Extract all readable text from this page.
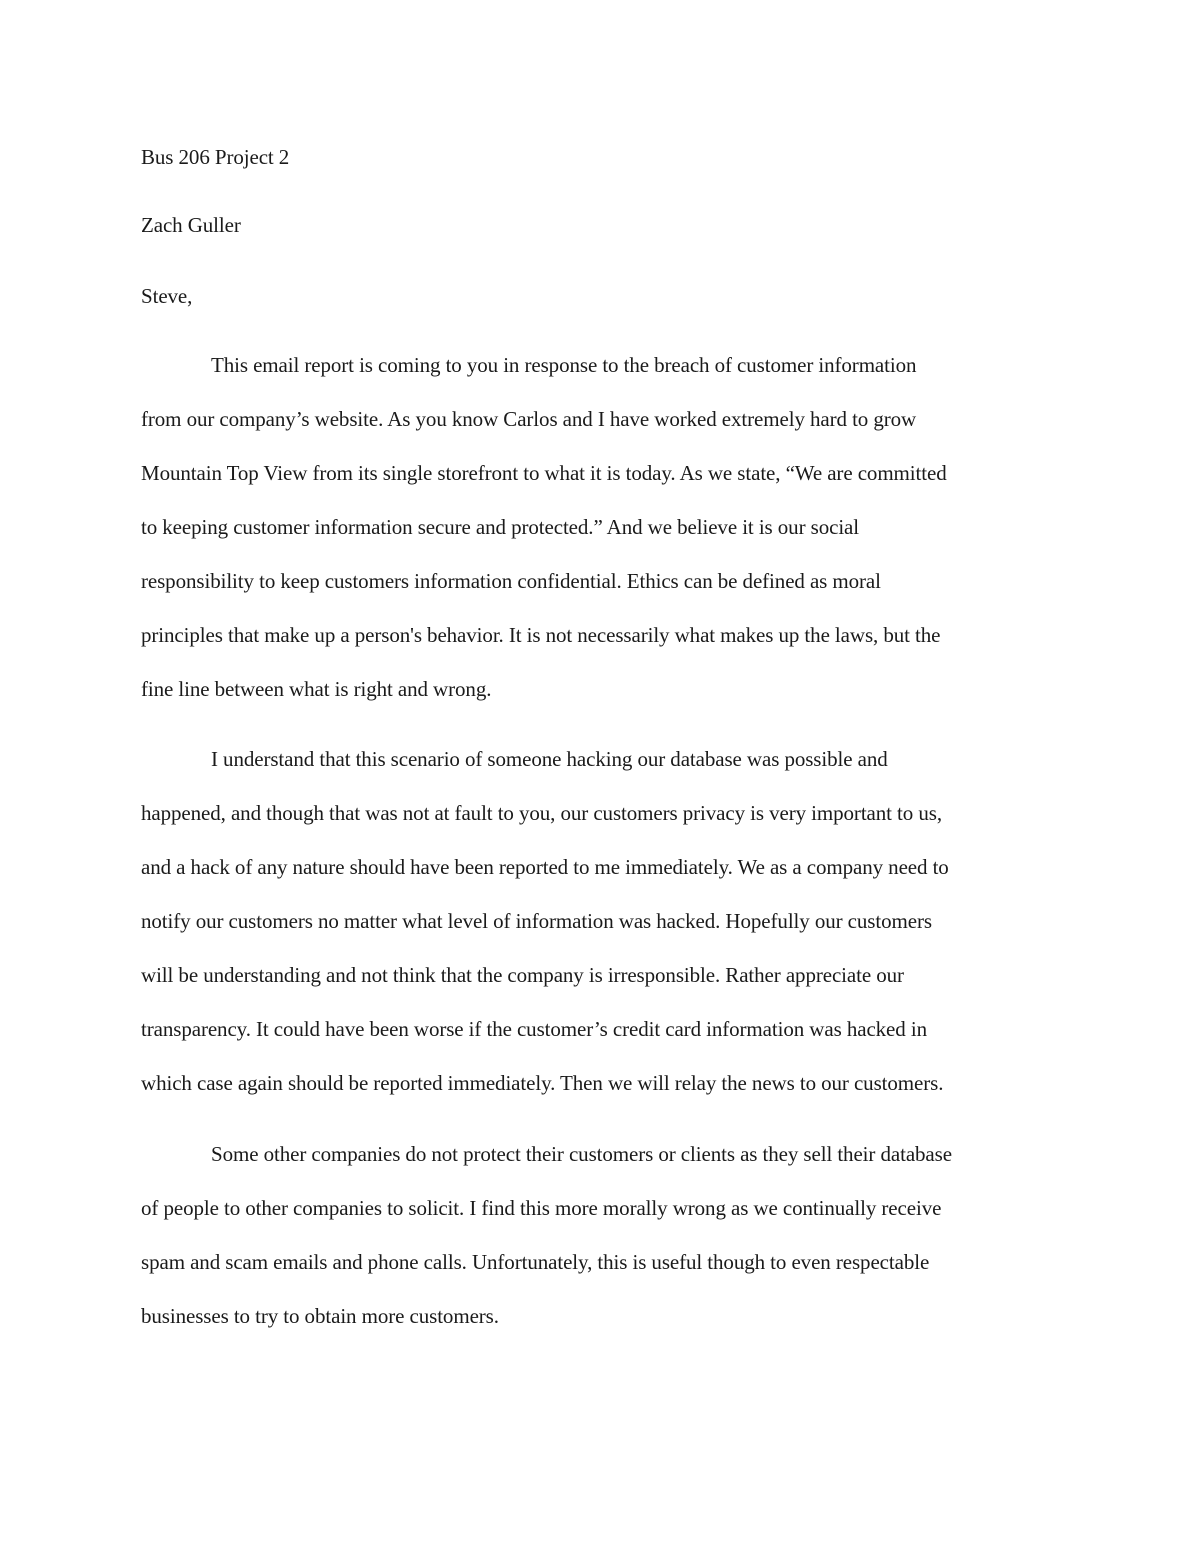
Bus 206 Project 2
Zach Guller
Steve,

This email report is coming to you in response to the breach of customer information
from our company’s website. As you know Carlos and I have worked extremely hard to grow
Mountain Top View from its single storefront to what it is today. As we state, “We are committed
to keeping customer information secure and protected.” And we believe it is our social
responsibility to keep customers information confidential. Ethics can be defined as moral
principles that make up a person's behavior. It is not necessarily what makes up the laws, but the
fine line between what is right and wrong.

I understand that this scenario of someone hacking our database was possible and
happened, and though that was not at fault to you, our customers privacy is very important to us,
and a hack of any nature should have been reported to me immediately. We as a company need to
notify our customers no matter what level of information was hacked. Hopefully our customers
will be understanding and not think that the company is irresponsible. Rather appreciate our
transparency. It could have been worse if the customer’s credit card information was hacked in
which case again should be reported immediately. Then we will relay the news to our customers.

Some other companies do not protect their customers or clients as they sell their database
of people to other companies to solicit. I find this more morally wrong as we continually receive
spam and scam emails and phone calls. Unfortunately, this is useful though to even respectable
businesses to try to obtain more customers.
